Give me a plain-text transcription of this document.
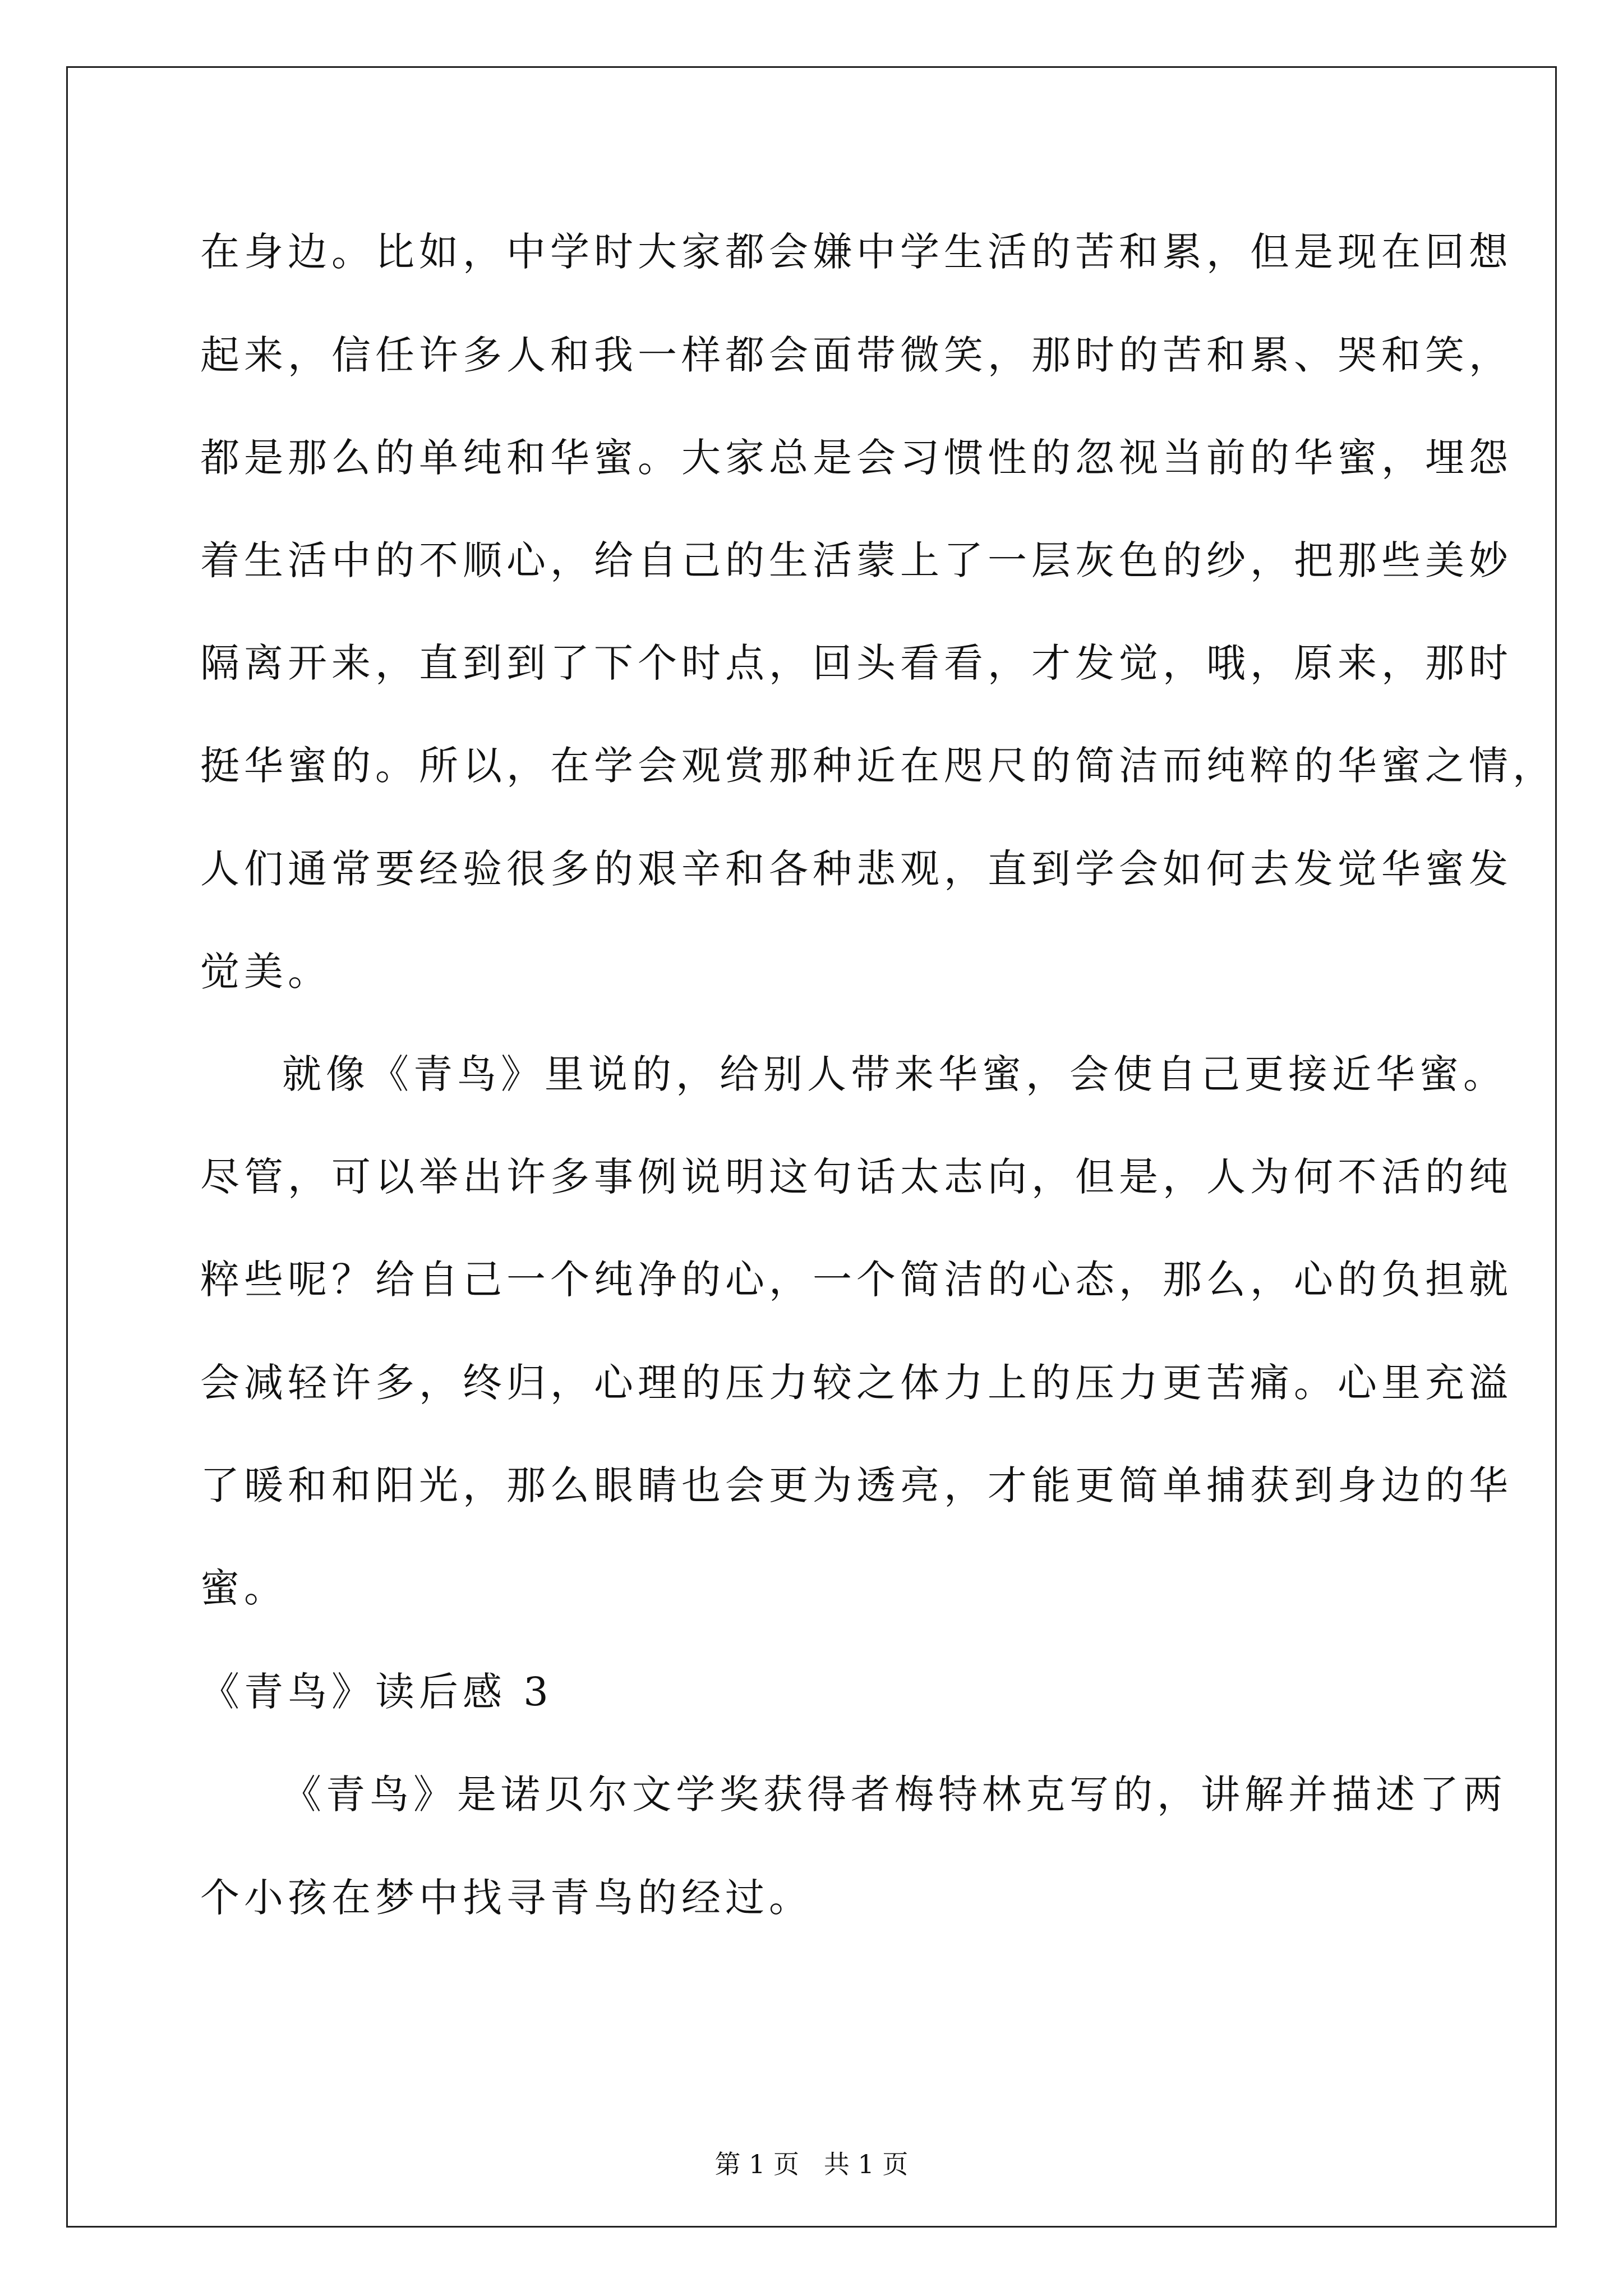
在身边。比如，中学时大家都会嫌中学生活的苦和累，但是现在回想
起来，信任许多人和我一样都会面带微笑，那时的苦和累、哭和笑，
都是那么的单纯和华蜜。大家总是会习惯性的忽视当前的华蜜，埋怨
着生活中的不顺心，给自己的生活蒙上了一层灰色的纱，把那些美妙
隔离开来，直到到了下个时点，回头看看，才发觉，哦，原来，那时
挺华蜜的。所以，在学会观赏那种近在咫尺的简洁而纯粹的华蜜之情，
人们通常要经验很多的艰辛和各种悲观，直到学会如何去发觉华蜜发
觉美。
就像《青鸟》里说的，给别人带来华蜜，会使自己更接近华蜜。
尽管，可以举出许多事例说明这句话太志向，但是，人为何不活的纯
粹些呢？给自己一个纯净的心，一个简洁的心态，那么，心的负担就
会减轻许多，终归，心理的压力较之体力上的压力更苦痛。心里充溢
了暖和和阳光，那么眼睛也会更为透亮，才能更简单捕获到身边的华
蜜。
《青鸟》读后感 3
《青鸟》是诺贝尔文学奖获得者梅特林克写的，讲解并描述了两
个小孩在梦中找寻青鸟的经过。
第 1 页   共 1 页
